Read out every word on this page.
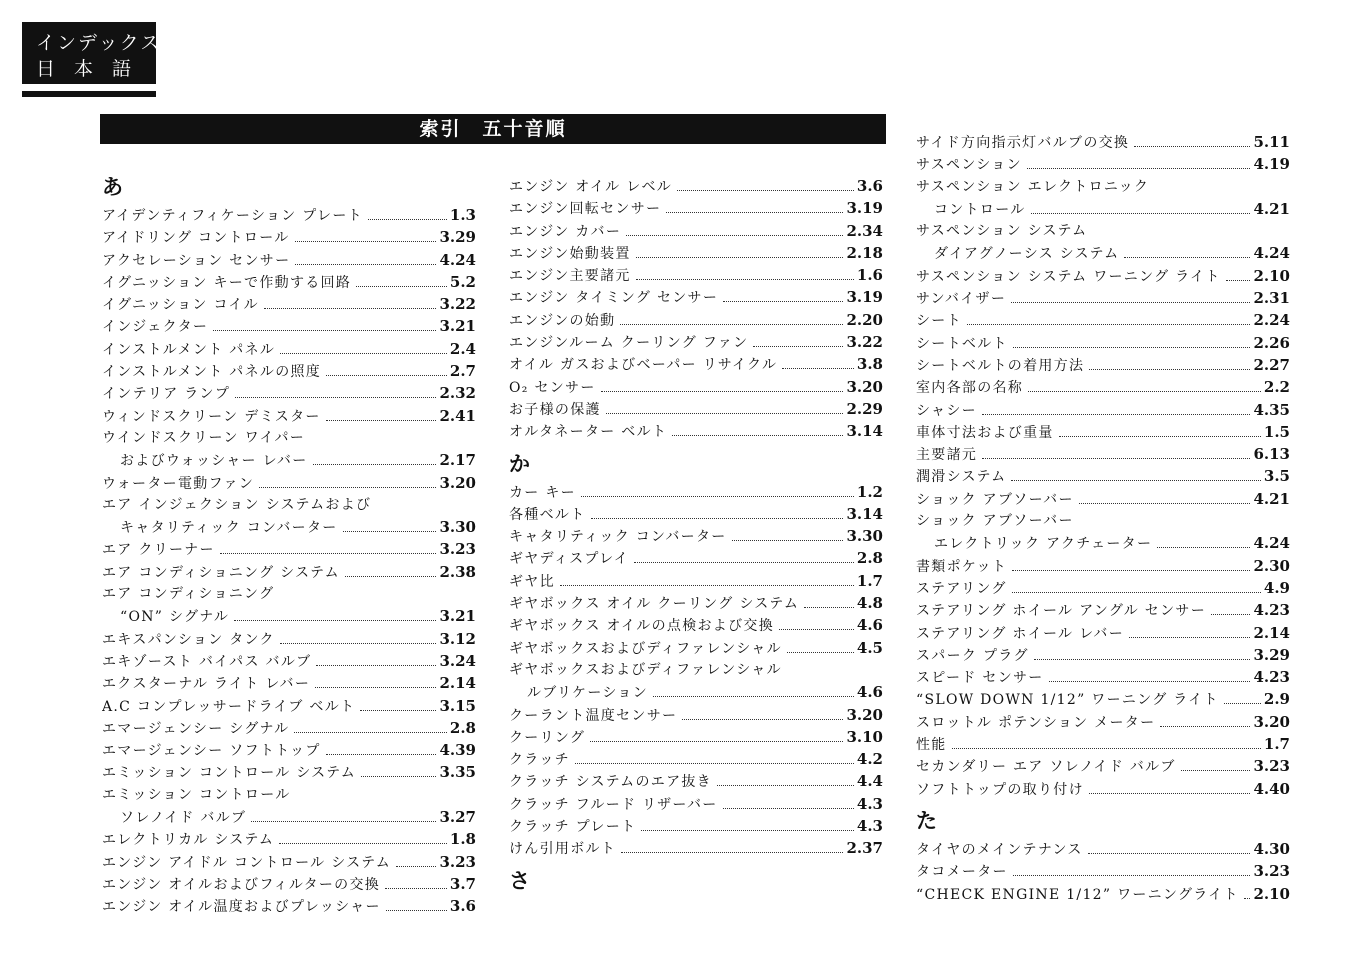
インデックス
日本語
索引　五十音順
あ
アイデンティフィケーション プレート	1.3
アイドリング コントロール	3.29
アクセレーション センサー	4.24
イグニッション キーで作動する回路	5.2
イグニッション コイル	3.22
インジェクター	3.21
インストルメント パネル	2.4
インストルメント パネルの照度	2.7
インテリア ランプ	2.32
ウィンドスクリーン デミスター	2.41
ウインドスクリーン ワイパー
およびウォッシャー レバー	2.17
ウォーター電動ファン	3.20
エア インジェクション システムおよび
キャタリティック コンバーター	3.30
エア クリーナー	3.23
エア コンディショニング システム	2.38
エア コンディショニング
“ON” シグナル	3.21
エキスパンション タンク	3.12
エキゾースト バイパス バルブ	3.24
エクスターナル ライト レバー	2.14
A.C コンプレッサードライブ ベルト	3.15
エマージェンシー シグナル	2.8
エマージェンシー ソフトトップ	4.39
エミッション コントロール システム	3.35
エミッション コントロール
ソレノイド バルブ	3.27
エレクトリカル システム	1.8
エンジン アイドル コントロール システム	3.23
エンジン オイルおよびフィルターの交換	3.7
エンジン オイル温度およびプレッシャー	3.6
エンジン オイル レベル	3.6
エンジン回転センサー	3.19
エンジン カバー	2.34
エンジン始動装置	2.18
エンジン主要諸元	1.6
エンジン タイミング センサー	3.19
エンジンの始動	2.20
エンジンルーム クーリング ファン	3.22
オイル ガスおよびベーパー リサイクル	3.8
O₂ センサー	3.20
お子様の保護	2.29
オルタネーター ベルト	3.14
か
カー キー	1.2
各種ベルト	3.14
キャタリティック コンバーター	3.30
ギヤディスプレイ	2.8
ギヤ比	1.7
ギヤボックス オイル クーリング システム	4.8
ギヤボックス オイルの点検および交換	4.6
ギヤボックスおよびディファレンシャル	4.5
ギヤボックスおよびディファレンシャル
ルブリケーション	4.6
クーラント温度センサー	3.20
クーリング	3.10
クラッチ	4.2
クラッチ システムのエア抜き	4.4
クラッチ フルード リザーバー	4.3
クラッチ プレート	4.3
けん引用ボルト	2.37
さ
サイド方向指示灯バルブの交換	5.11
サスペンション	4.19
サスペンション エレクトロニック
コントロール	4.21
サスペンション システム
ダイアグノーシス システム	4.24
サスペンション システム ワーニング ライト 2.10
サンバイザー	2.31
シート	2.24
シートベルト	2.26
シートベルトの着用方法	2.27
室内各部の名称	2.2
シャシー	4.35
車体寸法および重量	1.5
主要諸元	6.13
潤滑システム	3.5
ショック アブソーバー	4.21
ショック アブソーバー
エレクトリック アクチェーター	4.24
書類ポケット	2.30
ステアリング	4.9
ステアリング ホイール アングル センサー	4.23
ステアリング ホイール レバー	2.14
スパーク プラグ	3.29
スピード センサー	4.23
“SLOW DOWN 1/12” ワーニング ライト	2.9
スロットル ポテンション メーター	3.20
性能	1.7
セカンダリー エア ソレノイド バルブ	3.23
ソフトトップの取り付け	4.40
た
タイヤのメインテナンス	4.30
タコメーター	3.23
“CHECK ENGINE 1/12” ワーニングライト 2.10
